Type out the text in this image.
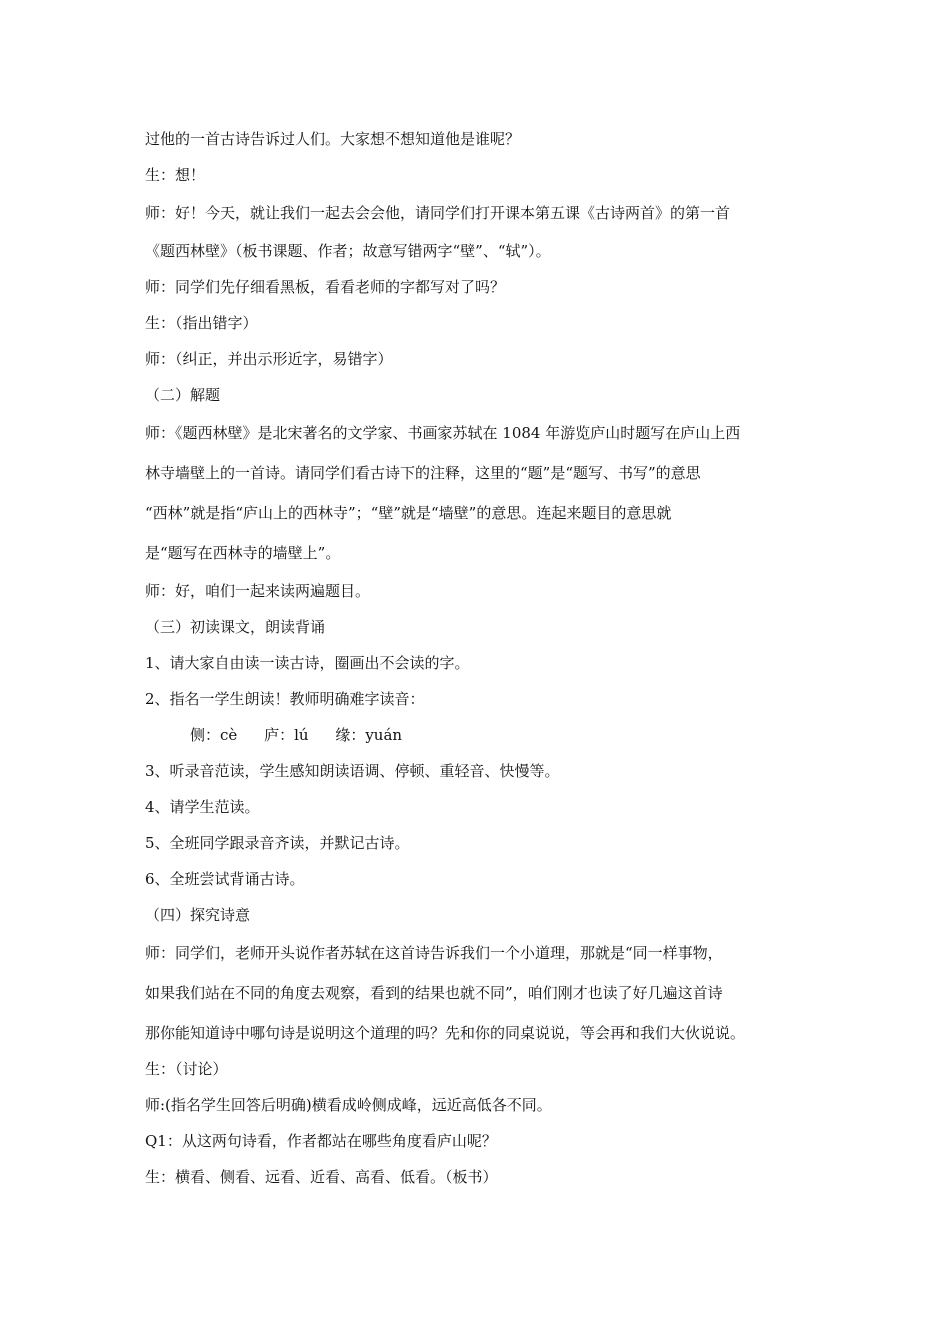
过他的一首古诗告诉过人们。大家想不想知道他是谁呢？
生：想！
师：好！今天，就让我们一起去会会他，请同学们打开课本第五课《古诗两首》的第一首
《题西林壁》（板书课题、作者；故意写错两字“壁”、“轼”）。
师：同学们先仔细看黑板，看看老师的字都写对了吗？
生：（指出错字）
师：（纠正，并出示形近字，易错字）
（二）解题
师：《题西林壁》是北宋著名的文学家、书画家苏轼在 1084 年游览庐山时题写在庐山上西
林寺墙壁上的一首诗。请同学们看古诗下的注释，这里的“题”是“题写、书写”的意思
“西林”就是指“庐山上的西林寺”；“壁”就是“墙壁”的意思。连起来题目的意思就
是“题写在西林寺的墙壁上”。
师：好，咱们一起来读两遍题目。
（三）初读课文，朗读背诵
1、请大家自由读一读古诗，圈画出不会读的字。
2、指名一学生朗读！教师明确难字读音：
侧：cè 庐：lú 缘：yuán
3、听录音范读，学生感知朗读语调、停顿、重轻音、快慢等。
4、请学生范读。
5、全班同学跟录音齐读，并默记古诗。
6、全班尝试背诵古诗。
（四）探究诗意
师：同学们，老师开头说作者苏轼在这首诗告诉我们一个小道理，那就是“同一样事物，
如果我们站在不同的角度去观察，看到的结果也就不同”，咱们刚才也读了好几遍这首诗
那你能知道诗中哪句诗是说明这个道理的吗？先和你的同桌说说，等会再和我们大伙说说。
生：（讨论）
师:(指名学生回答后明确)横看成岭侧成峰，远近高低各不同。
Q1：从这两句诗看，作者都站在哪些角度看庐山呢？
生：横看、侧看、远看、近看、高看、低看。（板书）
